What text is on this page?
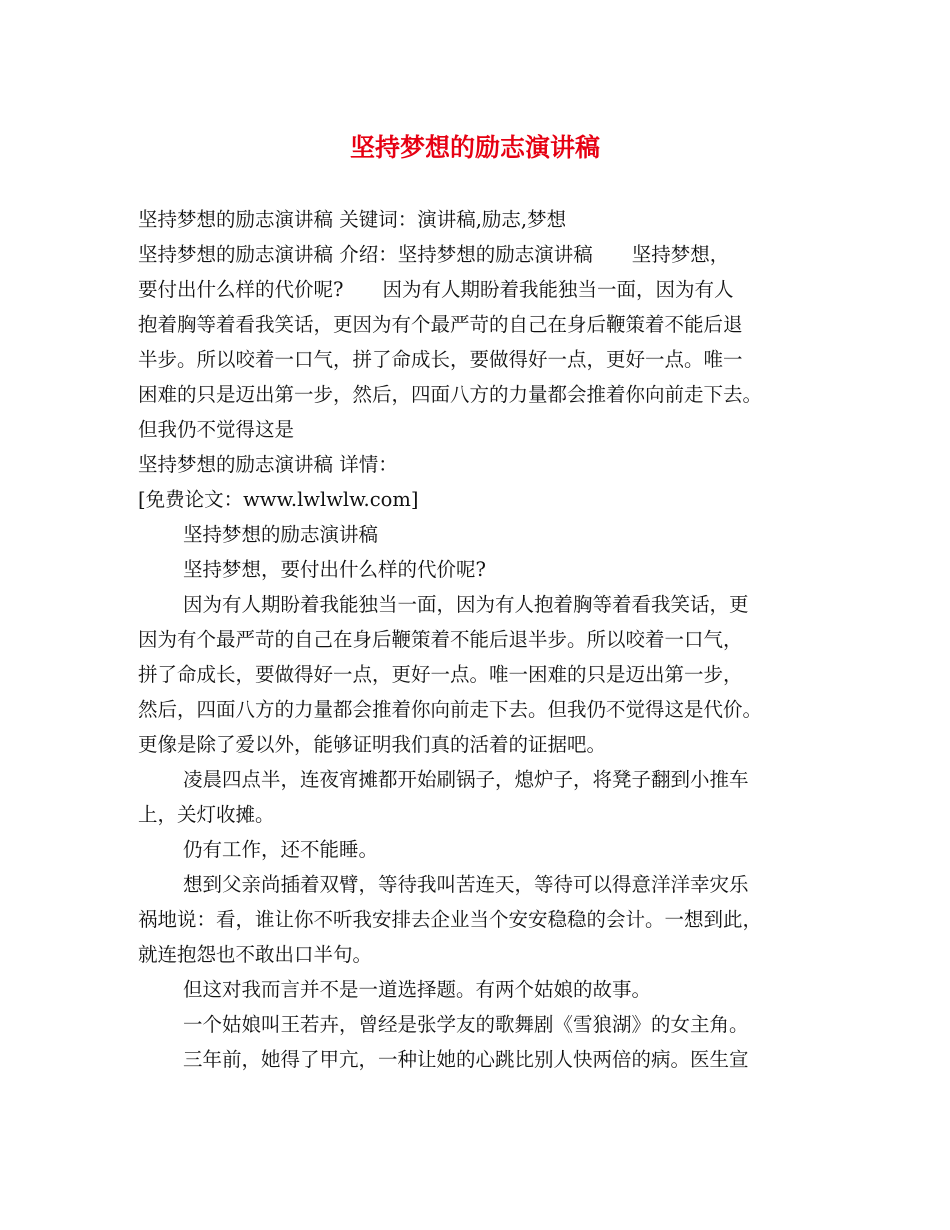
坚持梦想的励志演讲稿

坚持梦想的励志演讲稿 关键词：演讲稿,励志,梦想

坚持梦想的励志演讲稿 介绍：坚持梦想的励志演讲稿　　坚持梦想，

要付出什么样的代价呢?　　因为有人期盼着我能独当一面，因为有人

抱着胸等着看我笑话，更因为有个最严苛的自己在身后鞭策着不能后退

半步。所以咬着一口气，拼了命成长，要做得好一点，更好一点。唯一

困难的只是迈出第一步，然后，四面八方的力量都会推着你向前走下去。

但我仍不觉得这是

坚持梦想的励志演讲稿 详情：

[免费论文：www.lwlwlw.com]

坚持梦想的励志演讲稿

坚持梦想，要付出什么样的代价呢?

因为有人期盼着我能独当一面，因为有人抱着胸等着看我笑话，更

因为有个最严苛的自己在身后鞭策着不能后退半步。所以咬着一口气，

拼了命成长，要做得好一点，更好一点。唯一困难的只是迈出第一步，

然后，四面八方的力量都会推着你向前走下去。但我仍不觉得这是代价。

更像是除了爱以外，能够证明我们真的活着的证据吧。

凌晨四点半，连夜宵摊都开始刷锅子，熄炉子，将凳子翻到小推车

上，关灯收摊。

仍有工作，还不能睡。

想到父亲尚插着双臂，等待我叫苦连天，等待可以得意洋洋幸灾乐

祸地说：看，谁让你不听我安排去企业当个安安稳稳的会计。一想到此，

就连抱怨也不敢出口半句。

但这对我而言并不是一道选择题。有两个姑娘的故事。

一个姑娘叫王若卉，曾经是张学友的歌舞剧《雪狼湖》的女主角。

三年前，她得了甲亢，一种让她的心跳比别人快两倍的病。医生宣
